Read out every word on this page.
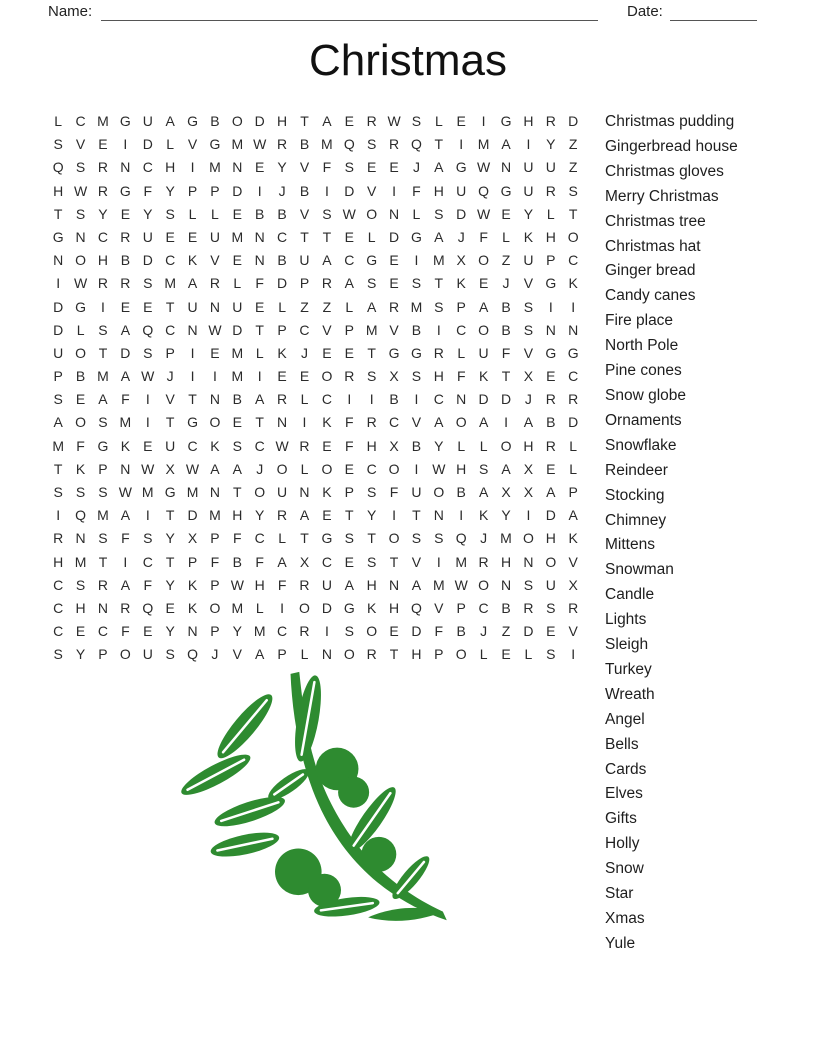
Name:	Date:
Christmas
L C M G U A G B O D H T A E R W S L E	I	G H R D
S V E	I	D L V G M W R B M Q S R Q T	I	M A	I	Y Z
Q S R N C H	I	M N E Y V F S E E	J	A G W N U U Z
H W R G F Y P P D	I	J	B	I	D V	I	F H U Q G U R S
T S Y E Y S L	L E B B V S W O N L S D W E Y L	T
G N C R U E E U M N C T T E L D G A	J	F	L K H O
N O H B D C K V E N B U A C G E	I	M X O Z U P C
I W R R S M A R L	F D P R A S E S T K E	J	V G K
D G	I	E E T U N U E L	Z Z	L A R M S P A B S	I	I
D L S A Q C N W D T P C V P M V B	I	C O B S N N
U O T D S P	I	E M L K	J	E E T G G R L U F V G G
P B M A W J	I	I	M	I	E E O R S X S H F K T X E C
S E A F	I	V T N B A R L C	I	I	B	I	C N D D J R R
A O S M	I	T G O E T N	I	K F R C V A O A	I	A B D
M F G K E U C K S C W R E F H X B Y L	L O H R L
T K P N W X W A A	J O L O E C O	I W H S A X E L
S S S W M G M N T O U N K P S F U O B A X X A P
I	Q M A	I	T D M H Y R A E T Y	I	T N	I	K Y	I	D A
R N S F S Y X P F C L	T G S T O S S Q J M O H K
H M T	I	C T P F B F A X C E S T V	I	M R H N O V
C S R A F Y K P W H F R U A H N A M W O N S U X
C H N R Q E K O M L	I	O D G K H Q V P C B R S R
C E C F E Y N P Y M C R	I	S O E D F B	J	Z D E V
S Y P O U S Q J	V A P L N O R T H P O L E L S	I
Christmas pudding
Gingerbread house
Christmas gloves
Merry Christmas
Christmas tree
Christmas hat
Ginger bread
Candy canes
Fire place
North Pole
Pine cones
Snow globe
Ornaments
Snowflake
Reindeer
Stocking
Chimney
Mittens
Snowman
Candle
Lights
Sleigh
Turkey
Wreath
Angel
Bells
Cards
Elves
Gifts
Holly
Snow
Star
Xmas
Yule
